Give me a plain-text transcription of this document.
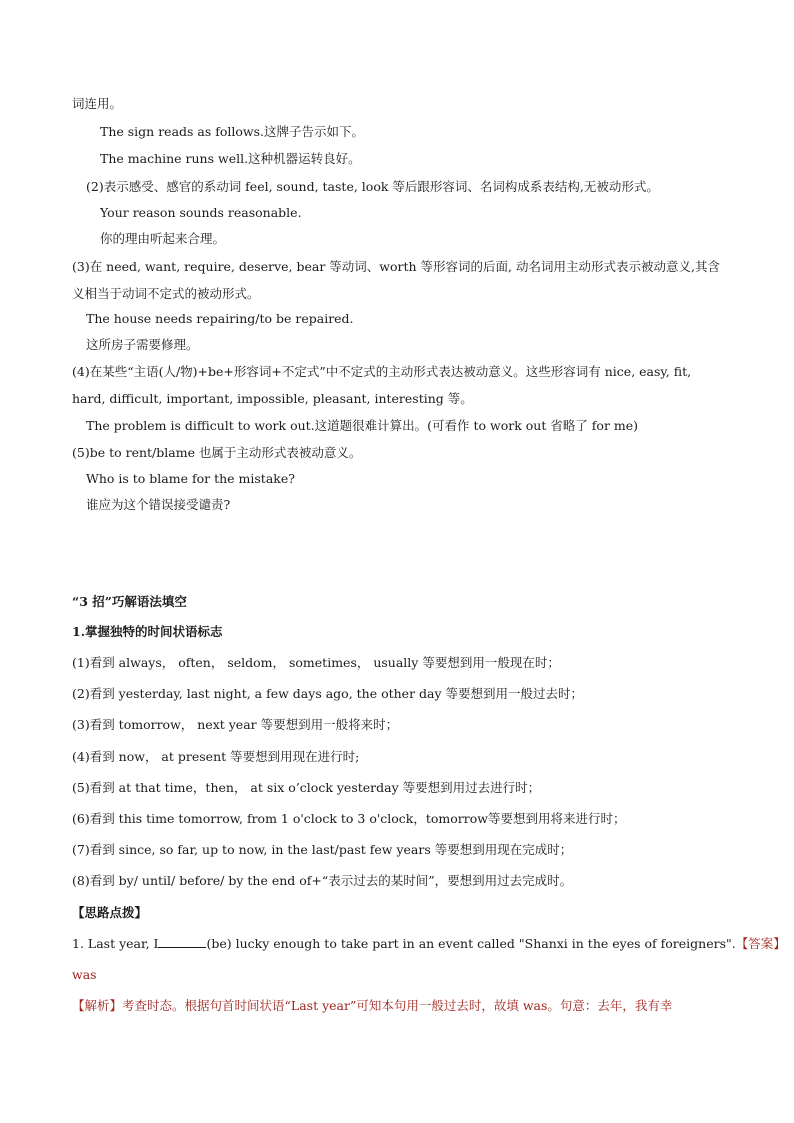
词连用。
The sign reads as follows.这牌子告示如下。
The machine runs well.这种机器运转良好。
(2)表示感受、感官的系动词 feel, sound, taste, look 等后跟形容词、名词构成系表结构,无被动形式。
Your reason sounds reasonable.
你的理由听起来合理。
(3)在 need, want, require, deserve, bear 等动词、worth 等形容词的后面, 动名词用主动形式表示被动意义,其含
义相当于动词不定式的被动形式。
The house needs repairing/to be repaired.
这所房子需要修理。
(4)在某些“主语(人/物)+be+形容词+不定式”中不定式的主动形式表达被动意义。这些形容词有 nice, easy, fit,
hard, difficult, important, impossible, pleasant, interesting 等。
The problem is difficult to work out.这道题很难计算出。(可看作 to work out 省略了 for me)
(5)be to rent/blame 也属于主动形式表被动意义。
Who is to blame for the mistake?
谁应为这个错误接受谴责?
“3 招”巧解语法填空
1.掌握独特的时间状语标志
(1)看到 always， often， seldom， sometimes， usually 等要想到用一般现在时；
(2)看到 yesterday, last night, a few days ago, the other day 等要想到用一般过去时；
(3)看到 tomorrow， next year 等要想到用一般将来时；
(4)看到 now， at present 等要想到用现在进行时;
(5)看到 at that time，then， at six o’clock yesterday 等要想到用过去进行时；
(6)看到 this time tomorrow, from 1 o'clock to 3 o'clock，tomorrow等要想到用将来进行时；
(7)看到 since, so far, up to now, in the last/past few years 等要想到用现在完成时；
(8)看到 by/ until/ before/ by the end of+“表示过去的某时间”，要想到用过去完成时。
【思路点拨】
1. Last year, I	(be) lucky enough to take part in an event called "Shanxi in the eyes of foreigners".【答案】
was
【解析】考查时态。根据句首时间状语“Last year”可知本句用一般过去时，故填 was。句意：去年，我有幸
